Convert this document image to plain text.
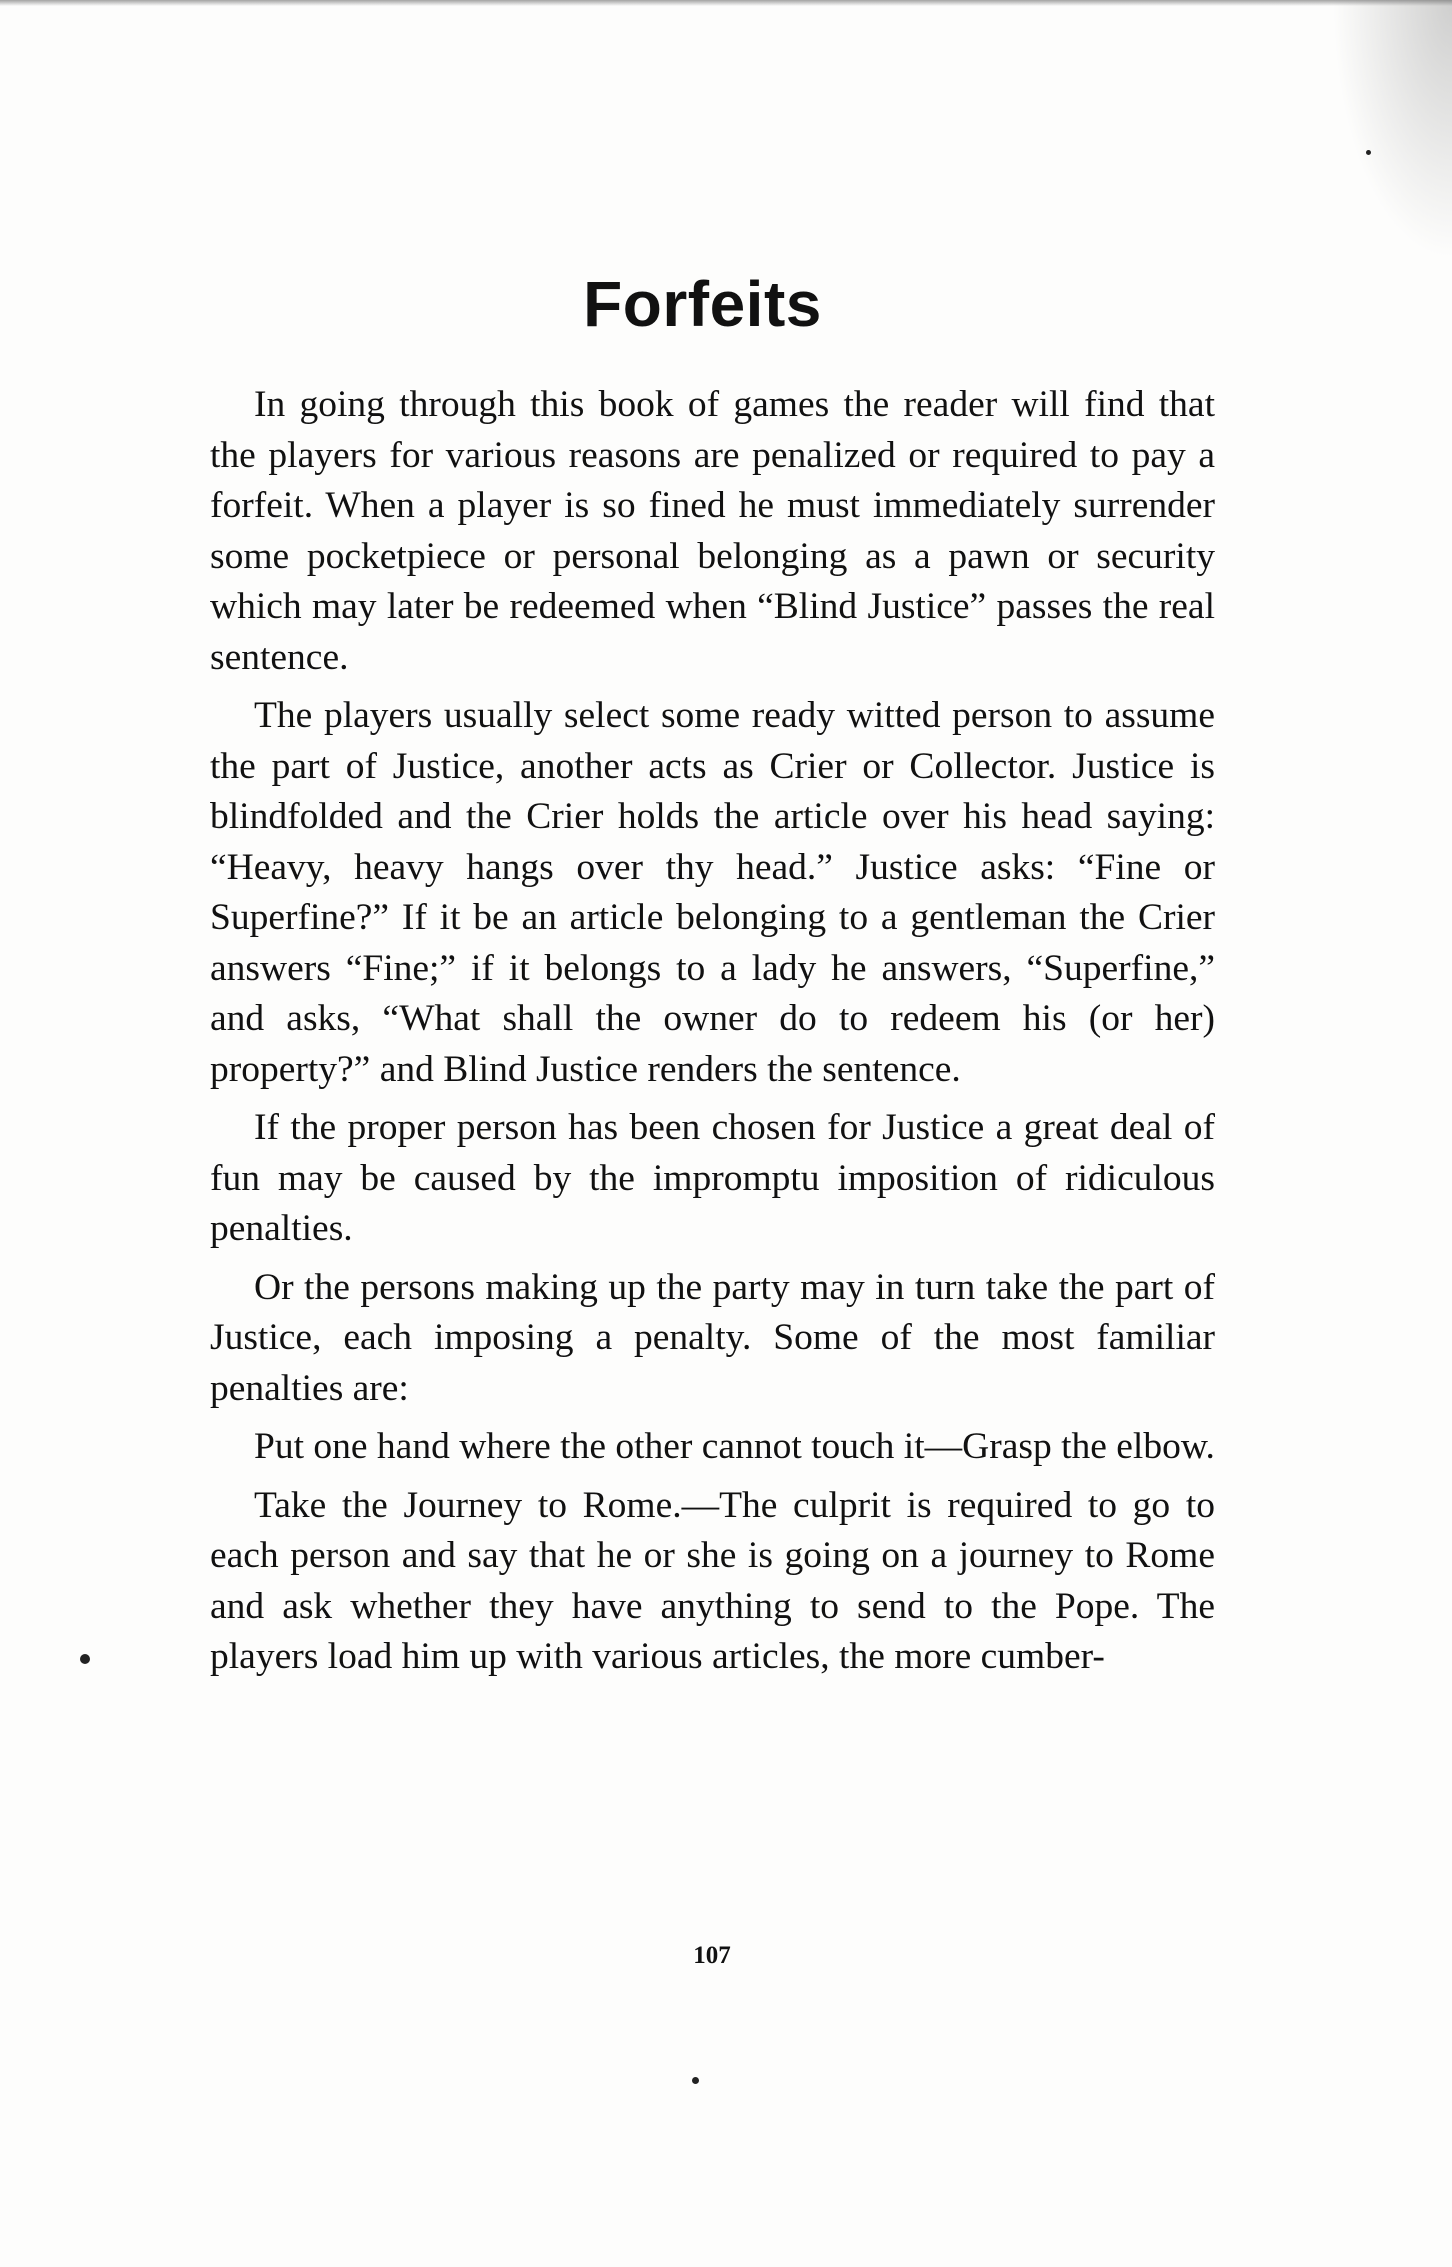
Forfeits

In going through this book of games the reader will find that the players for various reasons are penalized or required to pay a forfeit. When a player is so fined he must immediately surrender some pocketpiece or personal belonging as a pawn or security which may later be redeemed when “Blind Justice” passes the real sentence.

The players usually select some ready witted person to assume the part of Justice, another acts as Crier or Collector. Justice is blindfolded and the Crier holds the article over his head saying: “Heavy, heavy hangs over thy head.” Justice asks: “Fine or Superfine?” If it be an article belonging to a gentleman the Crier answers “Fine;” if it belongs to a lady he answers, “Superfine,” and asks, “What shall the owner do to redeem his (or her) property?” and Blind Justice renders the sentence.

If the proper person has been chosen for Justice a great deal of fun may be caused by the impromptu imposition of ridiculous penalties.

Or the persons making up the party may in turn take the part of Justice, each imposing a penalty. Some of the most familiar penalties are:

Put one hand where the other cannot touch it—Grasp the elbow.

Take the Journey to Rome.—The culprit is required to go to each person and say that he or she is going on a journey to Rome and ask whether they have anything to send to the Pope. The players load him up with various articles, the more cumber-

107
